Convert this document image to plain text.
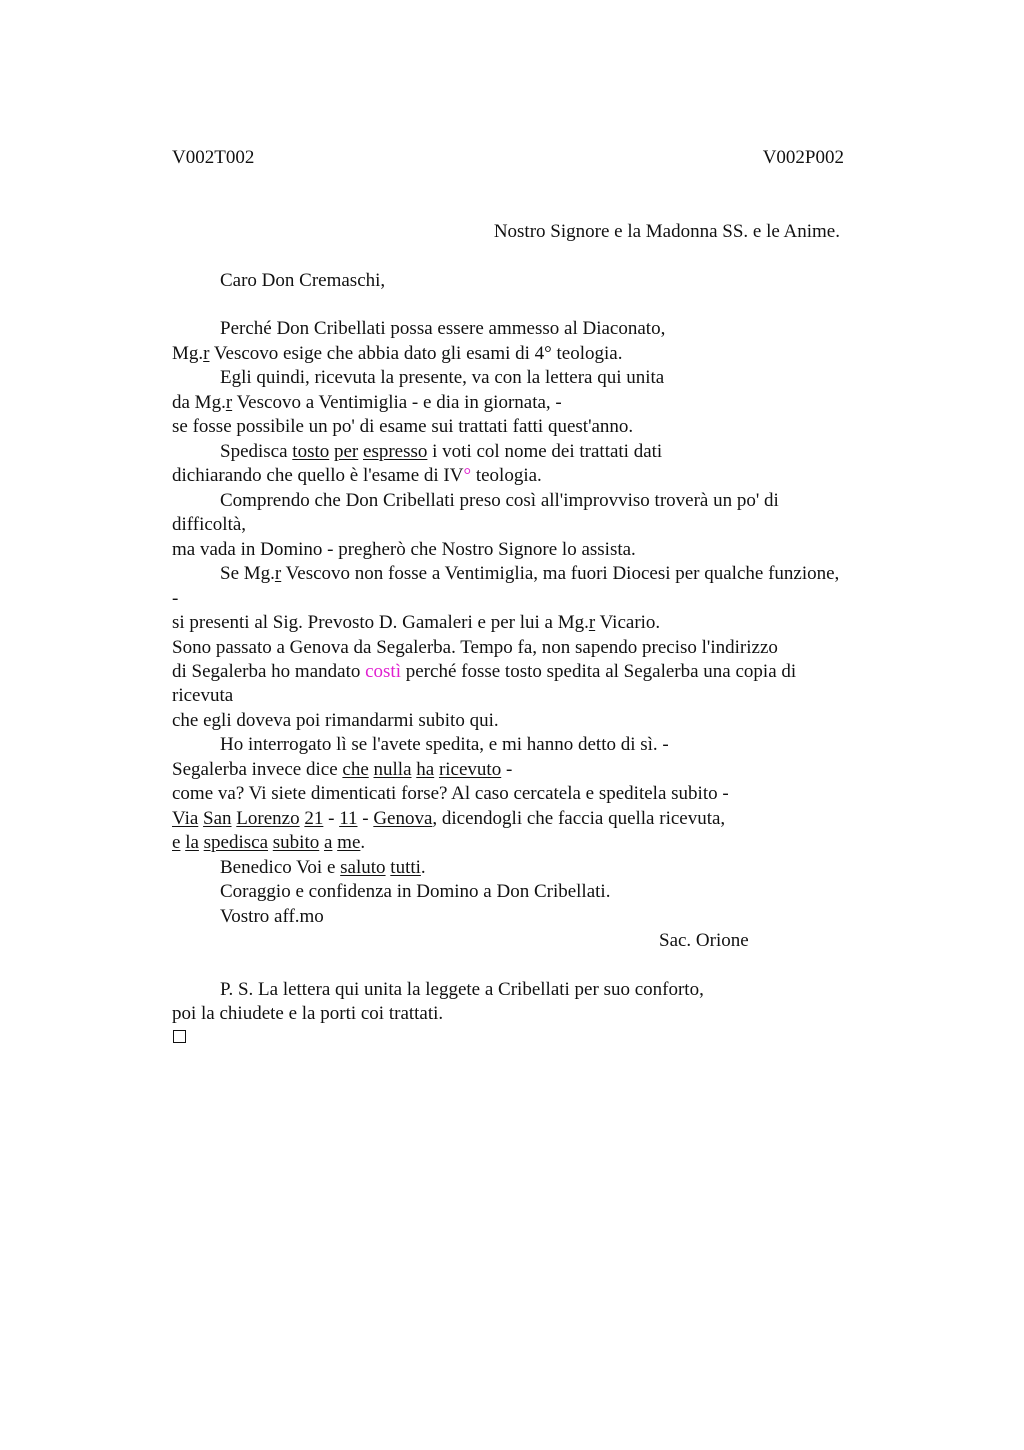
V002T002	V002P002
Nostro Signore e la Madonna SS. e le Anime.
Caro Don Cremaschi,
Perché Don Cribellati possa essere ammesso al Diaconato,
Mg.r Vescovo esige che abbia dato gli esami di 4° teologia.
Egli quindi, ricevuta la presente, va con la lettera qui unita
da Mg.r Vescovo a Ventimiglia - e dia in giornata, -
se fosse possibile un po' di esame sui trattati fatti quest'anno.
Spedisca tosto per espresso i voti col nome dei trattati dati
dichiarando che quello è l'esame di IV° teologia.
Comprendo che Don Cribellati preso così all'improvviso troverà un po' di
difficoltà,
ma vada in Domino - pregherò che Nostro Signore lo assista.
Se Mg.r Vescovo non fosse a Ventimiglia, ma fuori Diocesi per qualche funzione,
-
si presenti al Sig. Prevosto D. Gamaleri e per lui a Mg.r Vicario.
Sono passato a Genova da Segalerba. Tempo fa, non sapendo preciso l'indirizzo
di Segalerba ho mandato costì perché fosse tosto spedita al Segalerba una copia di
ricevuta
che egli doveva poi rimandarmi subito qui.
Ho interrogato lì se l'avete spedita, e mi hanno detto di sì. -
Segalerba invece dice che nulla ha ricevuto -
come va? Vi siete dimenticati forse? Al caso cercatela e speditela subito -
Via San Lorenzo 21 - 11 - Genova, dicendogli che faccia quella ricevuta,
e la spedisca subito a me.
Benedico Voi e saluto tutti.
Coraggio e confidenza in Domino a Don Cribellati.
Vostro aff.mo
Sac. Orione
P. S. La lettera qui unita la leggete a Cribellati per suo conforto,
poi la chiudete e la porti coi trattati.
